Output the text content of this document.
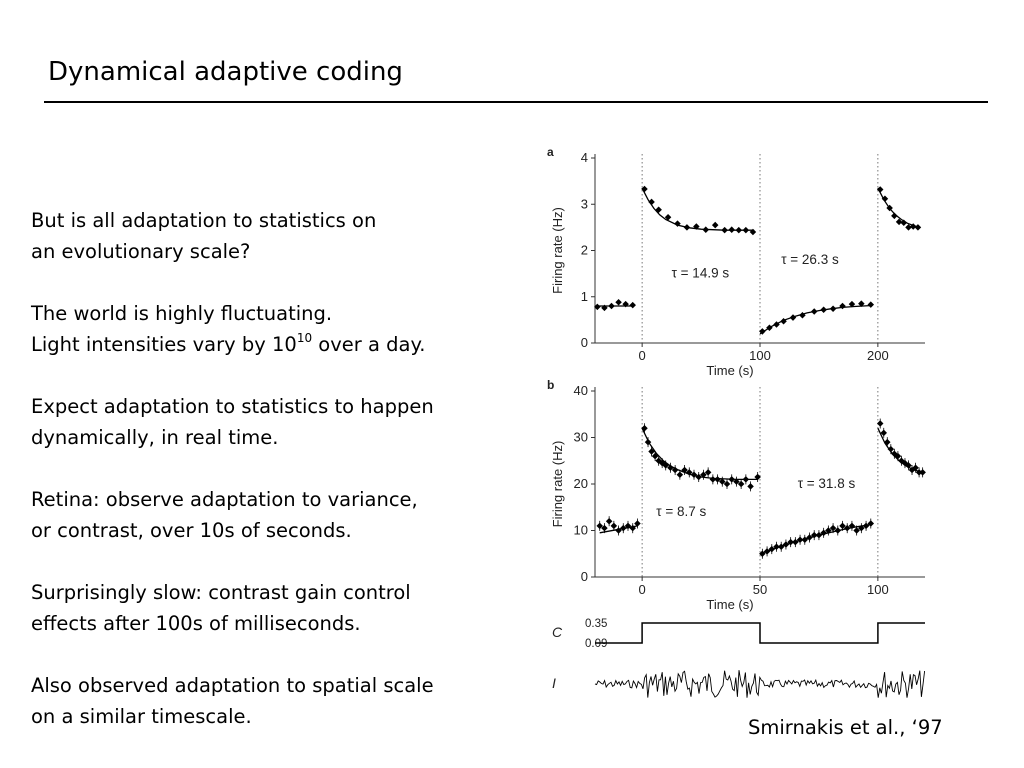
Dynamical adaptive coding

But is all adaptation to statistics on
an evolutionary scale?

The world is highly fluctuating.
Light intensities vary by $10^{10}$ over a day.

Expect adaptation to statistics to happen
dynamically, in real time.

Retina: observe adaptation to variance,
or contrast, over 10s of seconds.

Surprisingly slow: contrast gain control
effects after 100s of milliseconds.

Also observed adaptation to spatial scale
on a similar timescale.

a
0
1
2
3
4
0	100	200
Time (s)
Firing rate (Hz)	τ = 14.9 s
τ = 26.3 s
b
0
10
20
30
40
0	50	100
Time (s)
Firing rate (Hz)	τ = 8.7 s
τ = 31.8 s
C 0.35
0.09
I
Smirnakis et al., ‘97
